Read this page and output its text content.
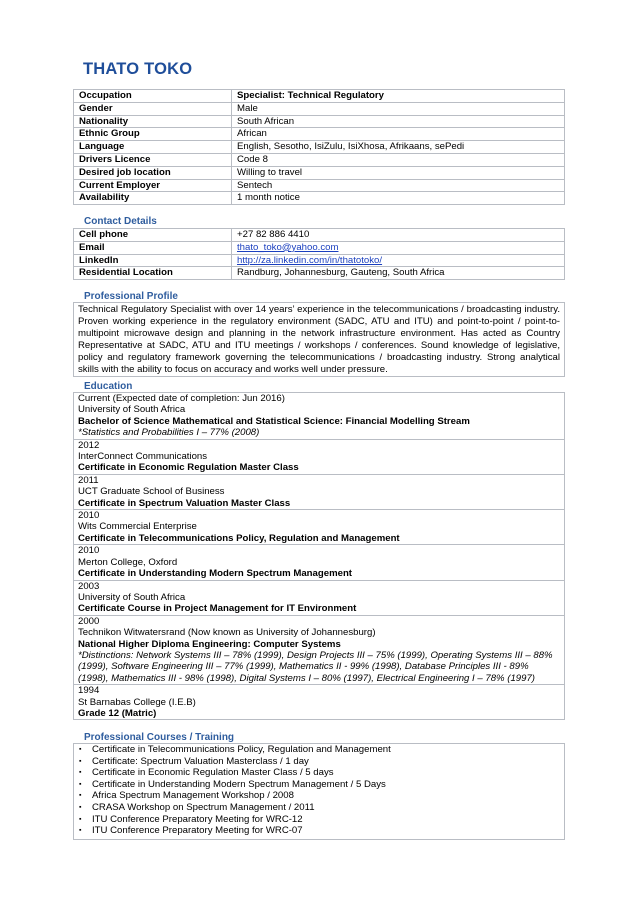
THATO TOKO
Occupation	Specialist: Technical Regulatory
Gender	Male
Nationality	South African
Ethnic Group	African
Language	English, Sesotho, IsiZulu, IsiXhosa, Afrikaans, sePedi
Drivers Licence	Code 8
Desired job location	Willing to travel
Current Employer	Sentech
Availability	1 month notice
Contact Details
Cell phone	+27 82 886 4410
Email	thato_toko@yahoo.com
LinkedIn	http://za.linkedin.com/in/thatotoko/
Residential Location	Randburg, Johannesburg, Gauteng, South Africa
Professional Profile
Technical Regulatory Specialist with over 14 years’ experience in the telecommunications / broadcasting industry. Proven working experience in the regulatory environment (SADC, ATU and ITU) and point-to-point / point-to-multipoint microwave design and planning in the network infrastructure environment. Has acted as Country Representative at SADC, ATU and ITU meetings / workshops / conferences. Sound knowledge of legislative, policy and regulatory framework governing the telecommunications / broadcasting industry. Strong analytical skills with the ability to focus on accuracy and works well under pressure.
Education
Current (Expected date of completion: Jun 2016)
University of South Africa
Bachelor of Science Mathematical and Statistical Science: Financial Modelling Stream
*Statistics and Probabilities I – 77% (2008)
2012
InterConnect Communications
Certificate in Economic Regulation Master Class
2011
UCT Graduate School of Business
Certificate in Spectrum Valuation Master Class
2010
Wits Commercial Enterprise
Certificate in Telecommunications Policy, Regulation and Management
2010
Merton College, Oxford
Certificate in Understanding Modern Spectrum Management
2003
University of South Africa
Certificate Course in Project Management for IT Environment
2000
Technikon Witwatersrand (Now known as University of Johannesburg)
National Higher Diploma Engineering: Computer Systems
*Distinctions: Network Systems III – 78% (1999), Design Projects III – 75% (1999), Operating Systems III – 88% (1999), Software Engineering III – 77% (1999), Mathematics II - 99% (1998), Database Principles III - 89% (1998), Mathematics III - 98% (1998), Digital Systems I – 80% (1997), Electrical Engineering I – 78% (1997)
1994
St Barnabas College (I.E.B)
Grade 12 (Matric)
Professional Courses / Training
▪ Certificate in Telecommunications Policy, Regulation and Management
▪ Certificate: Spectrum Valuation Masterclass / 1 day
▪ Certificate in Economic Regulation Master Class / 5 days
▪ Certificate in Understanding Modern Spectrum Management / 5 Days
▪ Africa Spectrum Management Workshop / 2008
▪ CRASA Workshop on Spectrum Management / 2011
▪ ITU Conference Preparatory Meeting for WRC-12
▪ ITU Conference Preparatory Meeting for WRC-07
